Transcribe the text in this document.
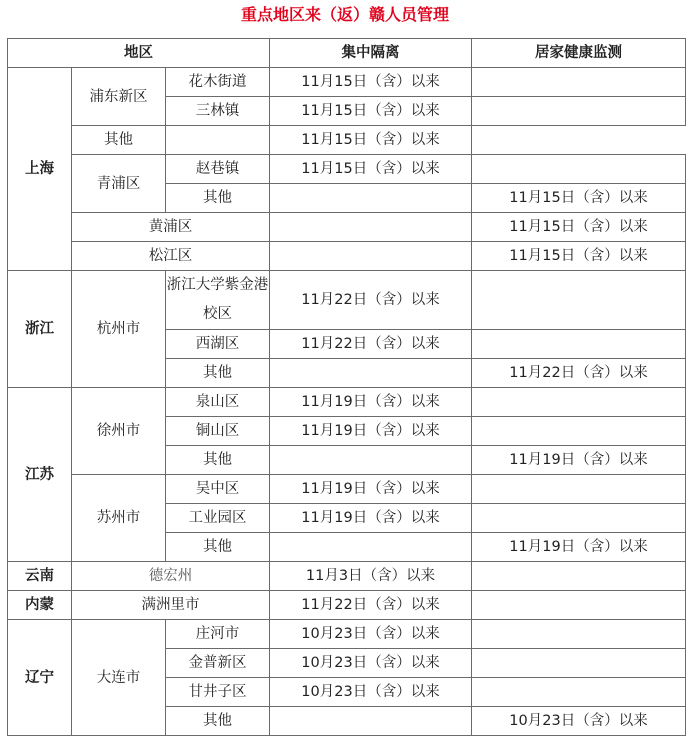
重点地区来（返）赣人员管理
地区			集中隔离	居家健康监测
上海	浦东新区	花木街道	11月15日（含）以来	
		三林镇	11月15日（含）以来	
	其他		11月15日（含）以来	
	青浦区	赵巷镇	11月15日（含）以来	
		其他		11月15日（含）以来
	黄浦区			11月15日（含）以来
	松江区			11月15日（含）以来
浙江	杭州市	浙江大学紫金港校区	11月22日（含）以来	
		西湖区	11月22日（含）以来	
		其他		11月22日（含）以来
江苏	徐州市	泉山区	11月19日（含）以来	
		铜山区	11月19日（含）以来	
		其他		11月19日（含）以来
	苏州市	吴中区	11月19日（含）以来	
		工业园区	11月19日（含）以来	
		其他		11月19日（含）以来
云南	德宏州		11月3日（含）以来	
内蒙	满洲里市		11月22日（含）以来	
辽宁	大连市	庄河市	10月23日（含）以来	
		金普新区	10月23日（含）以来	
		甘井子区	10月23日（含）以来	
		其他		10月23日（含）以来
